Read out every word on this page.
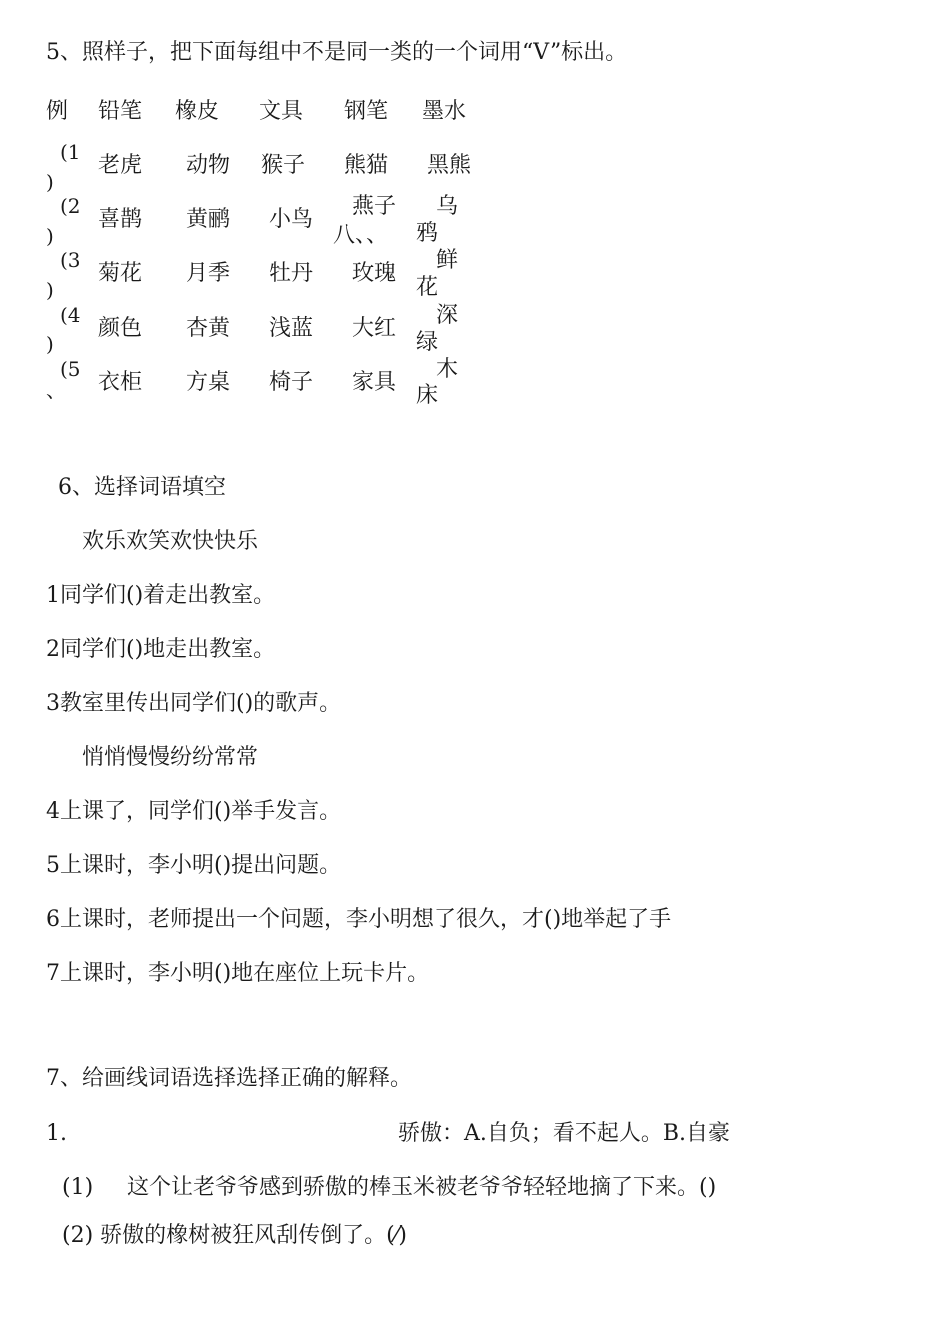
5、照样子，把下面每组中不是同一类的一个词用“V”标出。
例 铅笔 橡皮 文具 钢笔 墨水
(1
)
老虎 动物 猴子 熊猫 黑熊
(2
)
喜鹊 黄鹂 小鸟
燕子
八、、
乌
鸦
(3
)
菊花 月季 牡丹 玫瑰
鲜
花
(4
)
颜色 杏黄 浅蓝 大红
深
绿
(5
、 衣柜 方桌 椅子 家具
木
床
6、选择词语填空
欢乐欢笑欢快快乐
1同学们()着走出教室。
2同学们()地走出教室。
3教室里传出同学们()的歌声。
悄悄慢慢纷纷常常
4上课了，同学们()举手发言。
5上课时，李小明()提出问题。
6上课时，老师提出一个问题，李小明想了很久，才()地举起了手
7上课时，李小明()地在座位上玩卡片。
7、给画线词语选择选择正确的解释。
1.	骄傲：A.自负；看不起人。B.自豪
(1) 这个让老爷爷感到骄傲的棒玉米被老爷爷轻轻地摘了下来。()
(2) 骄傲的橡树被狂风刮传倒了。(⁄)
